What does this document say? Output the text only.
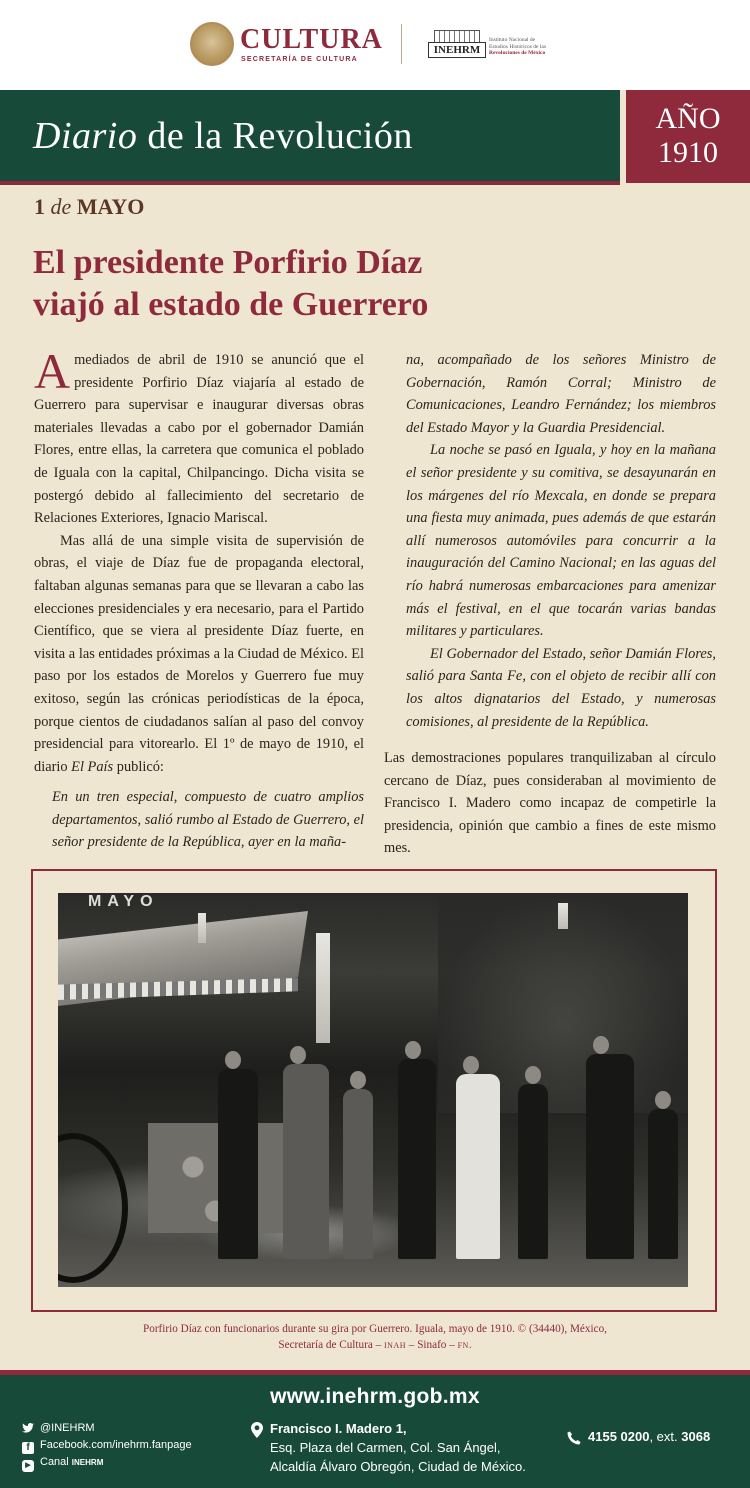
CULTURA
SECRETARÍA DE CULTURA
INEHRM
Instituto Nacional de
Estudios Históricos de las
Revoluciones de México
Diario de la Revolución	AÑO
1910
1 de MAYO
El presidente Porfirio Díaz
viajó al estado de Guerrero

Amediados de abril de 1910 se anunció que el presidente Porfirio Díaz viajaría al estado de Guerrero para supervisar e inaugurar diversas obras materiales llevadas a cabo por el gobernador Damián Flores, entre ellas, la carretera que comunica el poblado de Iguala con la capital, Chilpancingo. Dicha visita se postergó debido al fallecimiento del secretario de Relaciones Exteriores, Ignacio Mariscal.

Mas allá de una simple visita de supervisión de obras, el viaje de Díaz fue de propaganda electoral, faltaban algunas semanas para que se llevaran a cabo las elecciones presidenciales y era necesario, para el Partido Científico, que se viera al presidente Díaz fuerte, en visita a las entidades próximas a la Ciudad de México. El paso por los estados de Morelos y Guerrero fue muy exitoso, según las crónicas periodísticas de la época, porque cientos de ciudadanos salían al paso del convoy presidencial para vitorearlo. El 1º de mayo de 1910, el diario El País publicó:

En un tren especial, compuesto de cuatro amplios departamentos, salió rumbo al Estado de Guerrero, el señor presidente de la República, ayer en la maña-

na, acompañado de los señores Ministro de Gobernación, Ramón Corral; Ministro de Comunicaciones, Leandro Fernández; los miembros del Estado Mayor y la Guardia Presidencial.

La noche se pasó en Iguala, y hoy en la mañana el señor presidente y su comitiva, se desayunarán en los márgenes del río Mexcala, en donde se prepara una fiesta muy animada, pues además de que estarán allí numerosos automóviles para concurrir a la inauguración del Camino Nacional; en las aguas del río habrá numerosas embarcaciones para amenizar más el festival, en el que tocarán varias bandas militares y particulares.

El Gobernador del Estado, señor Damián Flores, salió para Santa Fe, con el objeto de recibir allí con los altos dignatarios del Estado, y numerosas comisiones, al presidente de la República.

Las demostraciones populares tranquilizaban al círculo cercano de Díaz, pues consideraban al movimiento de Francisco I. Madero como incapaz de competirle la presidencia, opinión que cambio a fines de este mismo mes.

MAYO
Porfirio Díaz con funcionarios durante su gira por Guerrero. Iguala, mayo de 1910. © (34440), México,
Secretaría de Cultura – INAH – Sinafo – FN.
www.inehrm.gob.mx
@INEHRM
f Facebook.com/inehrm.fanpage
▶ Canal INEHRM
Francisco I. Madero 1,
Esq. Plaza del Carmen, Col. San Ángel,
Alcaldía Álvaro Obregón, Ciudad de México.
4155 0200, ext. 3068
